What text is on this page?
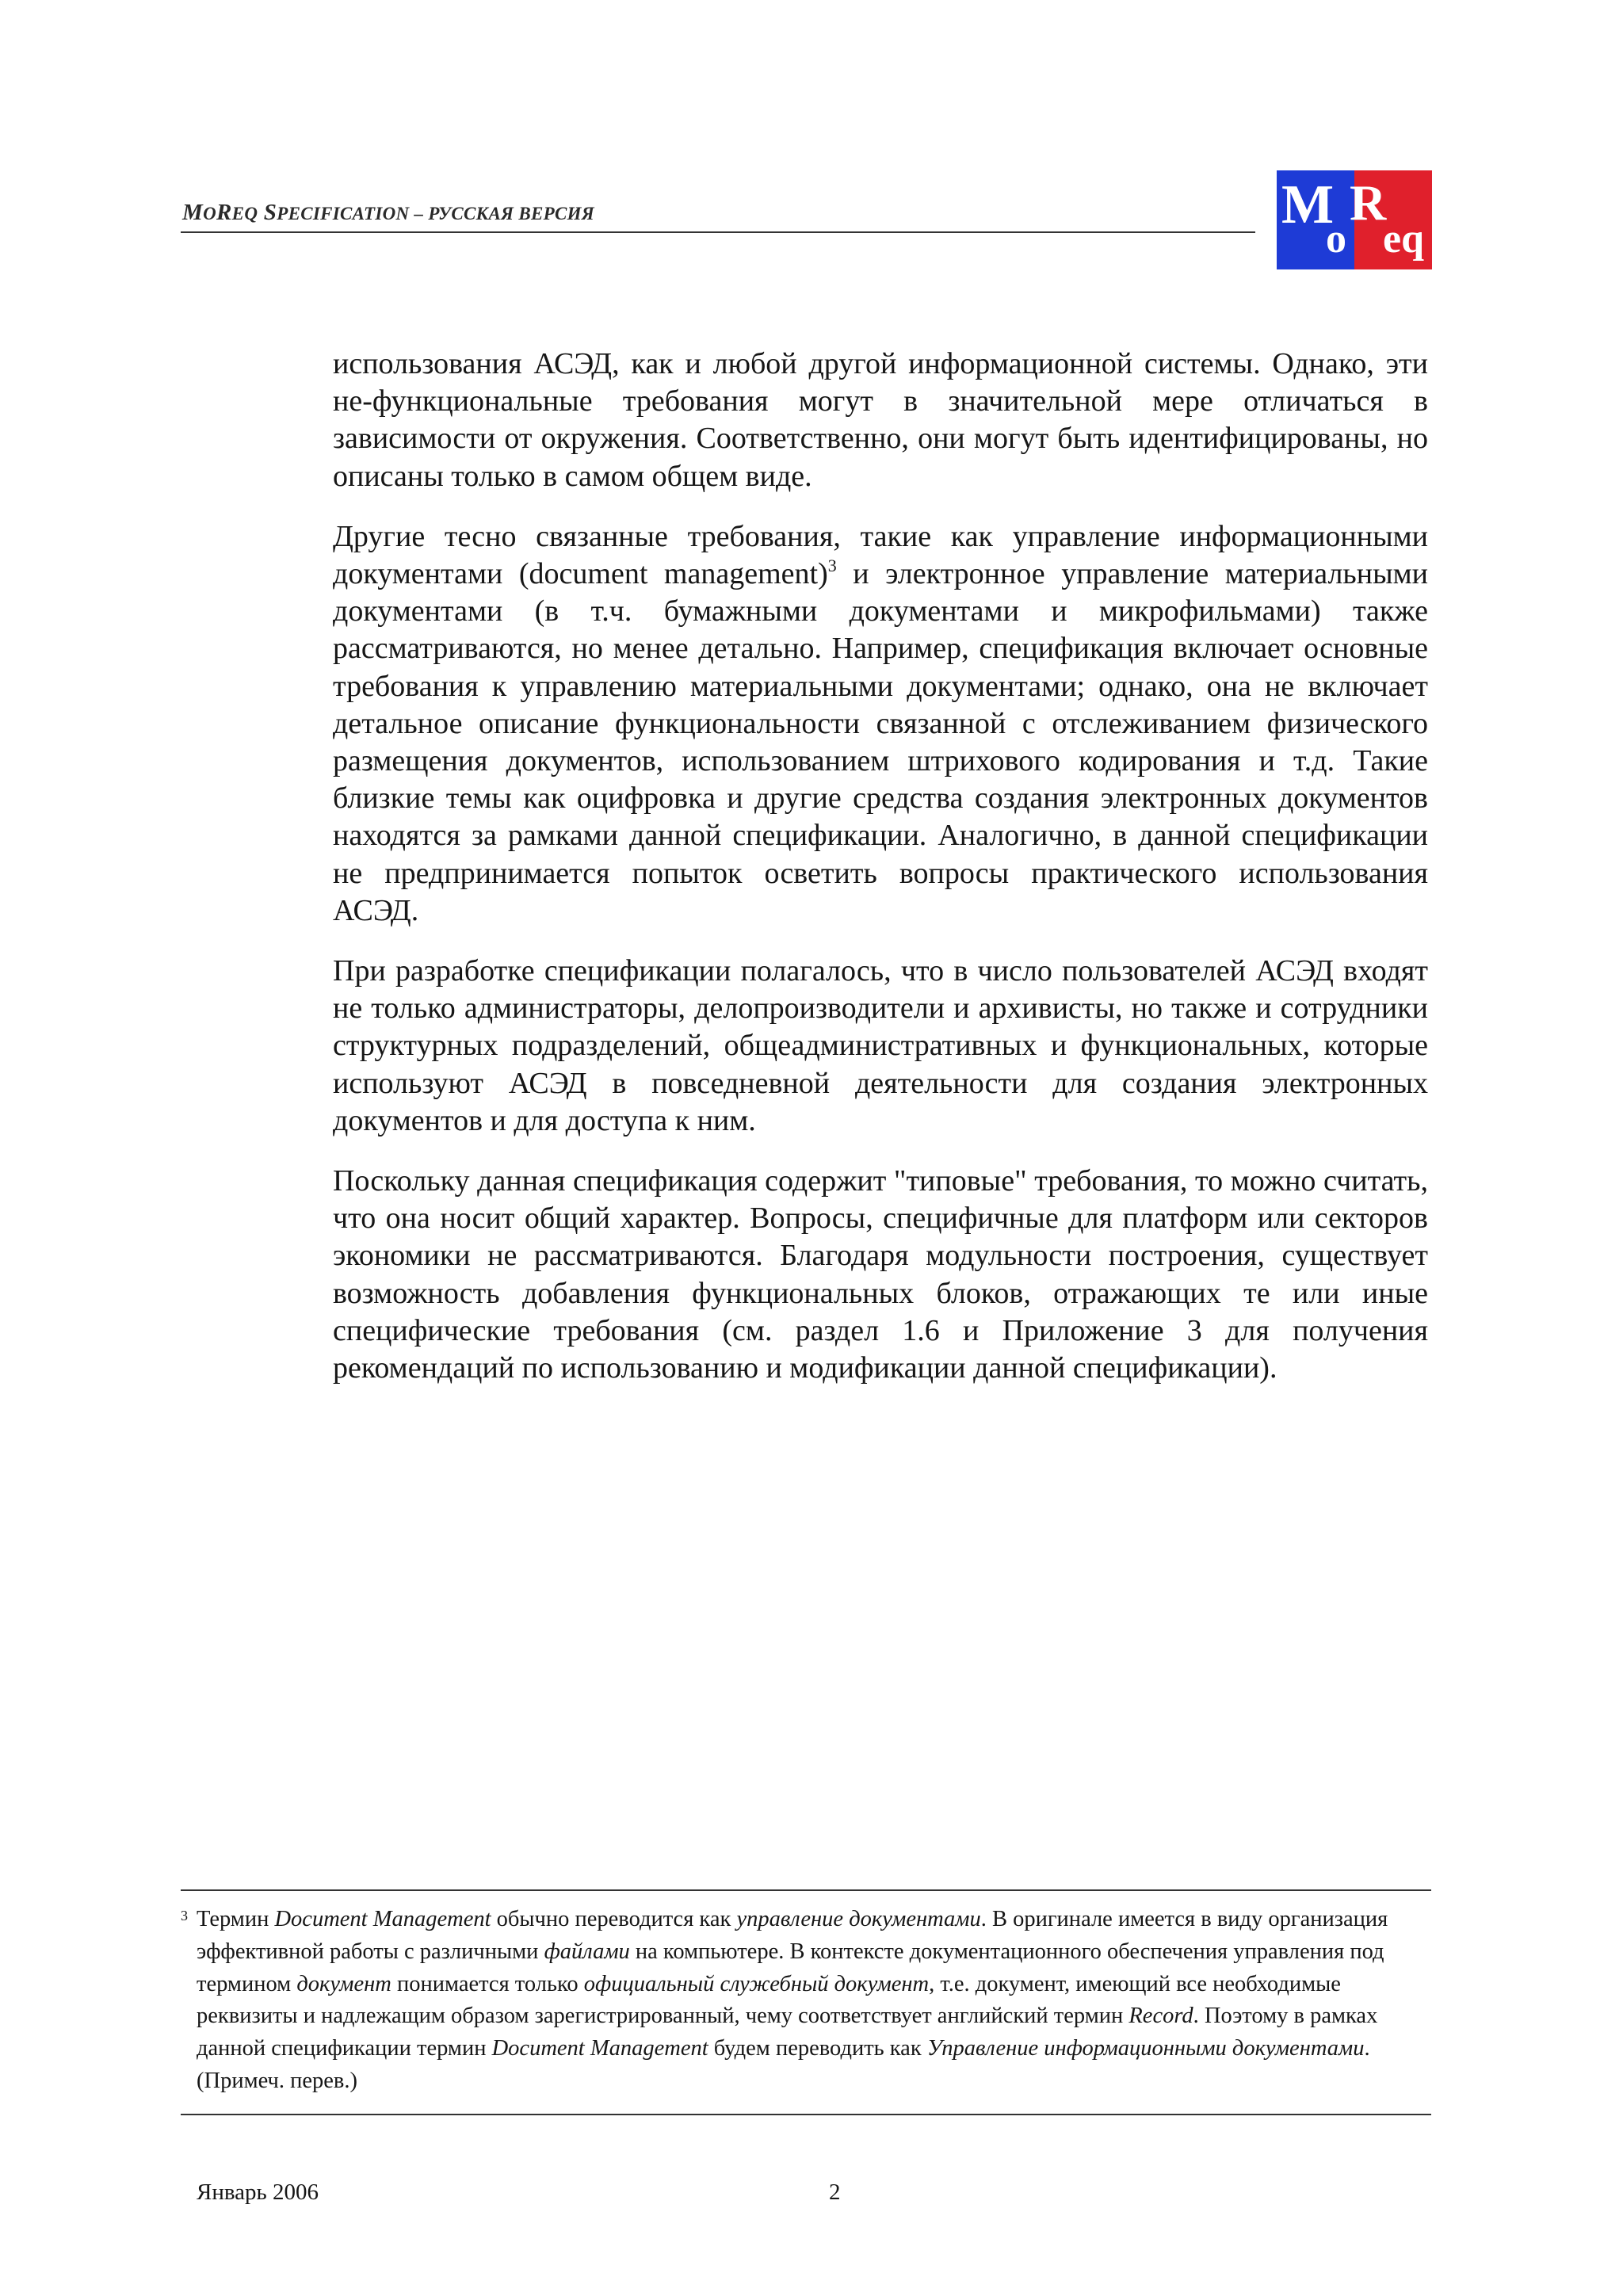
MOREQ SPECIFICATION – РУССКАЯ ВЕРСИЯ	M
o
R
eq

использования АСЭД, как и любой другой информационной системы. Однако, эти не-функциональные требования могут в значительной мере отличаться в зависимости от окружения. Соответственно, они могут быть идентифицированы, но описаны только в самом общем виде.

Другие тесно связанные требования, такие как управление информационными документами (document management)$^3$ и электронное управление материальными документами (в т.ч. бумажными документами и микрофильмами) также рассматриваются, но менее детально. Например, спецификация включает основные требования к управлению материальными документами; однако, она не включает детальное описание функциональности связанной с отслеживанием физического размещения документов, использованием штрихового кодирования и т.д. Такие близкие темы как оцифровка и другие средства создания электронных документов находятся за рамками данной спецификации. Аналогично, в данной спецификации не предпринимается попыток осветить вопросы практического использования АСЭД.

При разработке спецификации полагалось, что в число пользователей АСЭД входят не только администраторы, делопроизводители и архивисты, но также и сотрудники структурных подразделений, общеадминистративных и функциональных, которые используют АСЭД в повседневной деятельности для создания электронных документов и для доступа к ним.

Поскольку данная спецификация содержит "типовые" требования, то можно считать, что она носит общий характер. Вопросы, специфичные для платформ или секторов экономики не рассматриваются. Благодаря модульности построения, существует возможность добавления функциональных блоков, отражающих те или иные специфические требования (см. раздел 1.6 и Приложение 3 для получения рекомендаций по использованию и модификации данной спецификации).

3 Термин Document Management обычно переводится как управление документами. В оригинале имеется в виду организация эффективной работы с различными файлами на компьютере. В контексте документационного обеспечения управления под термином документ понимается только официальный служебный документ, т.е. документ, имеющий все необходимые реквизиты и надлежащим образом зарегистрированный, чему соответствует английский термин Record. Поэтому в рамках данной спецификации термин Document Management будем переводить как Управление информационными документами. (Примеч. перев.)
Январь 2006	2
